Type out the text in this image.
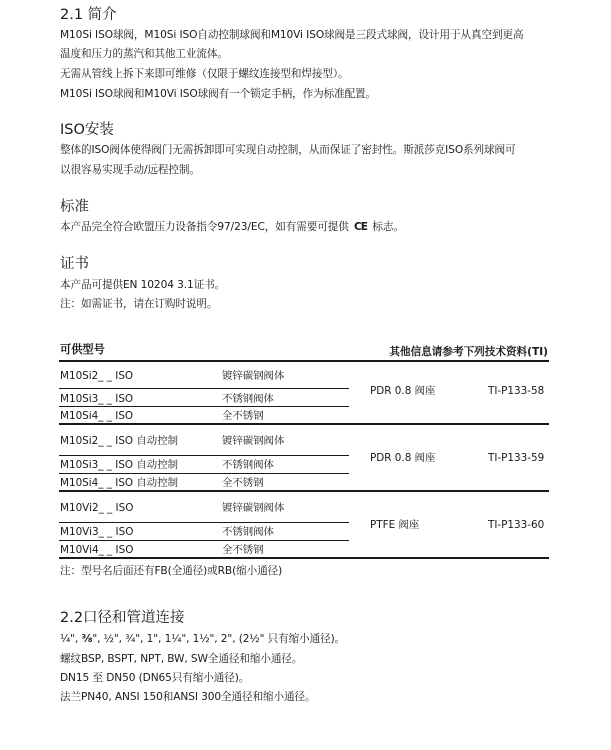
2.1 简介
M10Si ISO球阀，M10Si ISO自动控制球阀和M10Vi ISO球阀是三段式球阀，设计用于从真空到更高
温度和压力的蒸汽和其他工业流体。
无需从管线上拆下来即可维修（仅限于螺纹连接型和焊接型）。
M10Si ISO球阀和M10Vi ISO球阀有一个锁定手柄，作为标准配置。
ISO安装
整体的ISO阀体使得阀门无需拆卸即可实现自动控制，从而保证了密封性。斯派莎克ISO系列球阀可
以很容易实现手动/远程控制。
标准
本产品完全符合欧盟压力设备指令97/23/EC，如有需要可提供 CE 标志。
证书
本产品可提供EN 10204 3.1证书。
注：如需证书，请在订购时说明。
可供型号	其他信息请参考下列技术资料(TI)
M10Si2_ _ ISO	镀锌碳钢阀体
M10Si3_ _ ISO	不锈钢阀体
M10Si4_ _ ISO	全不锈钢
PDR 0.8 阀座	TI-P133-58
M10Si2_ _ ISO 自动控制	镀锌碳钢阀体
M10Si3_ _ ISO 自动控制	不锈钢阀体
M10Si4_ _ ISO 自动控制	全不锈钢
PDR 0.8 阀座	TI-P133-59
M10Vi2_ _ ISO	镀锌碳钢阀体
M10Vi3_ _ ISO	不锈钢阀体
M10Vi4_ _ ISO	全不锈钢
PTFE 阀座	TI-P133-60
注：型号名后面还有FB(全通径)或RB(缩小通径)
2.2口径和管道连接
¼", ⅜", ½", ¾", 1", 1¼", 1½", 2", (2½" 只有缩小通径)。
螺纹BSP, BSPT, NPT, BW, SW全通径和缩小通径。
DN15 至 DN50 (DN65只有缩小通径)。
法兰PN40, ANSI 150和ANSI 300全通径和缩小通径。
